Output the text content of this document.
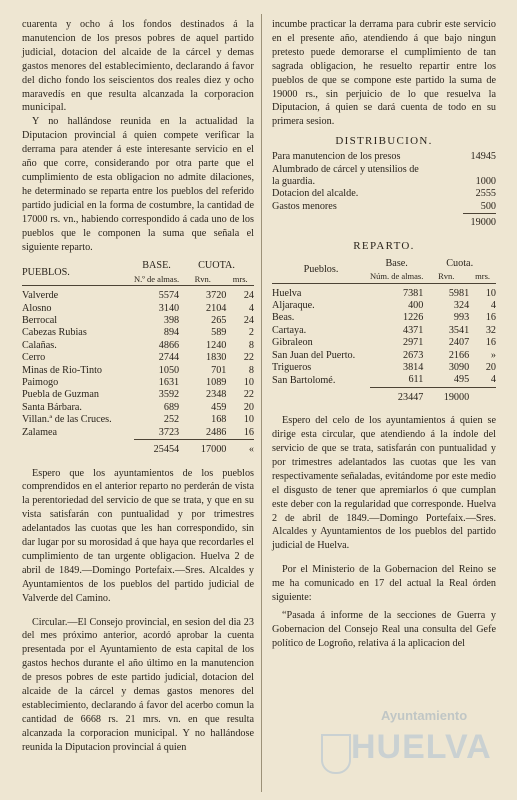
cuarenta y ocho á los fondos destinados á la manutencion de los presos pobres de aquel partido judicial, dotacion del alcaide de la cárcel y demas gastos menores del establecimiento, declarando á favor del dicho fondo los seiscientos dos reales diez y ocho maravedís en que resulta alcanzada la corporacion municipal.

Y no hallándose reunida en la actualidad la Diputacion provincial á quien compete verificar la derrama para atender á este interesante servicio en el año que corre, considerando por otra parte que el cumplimiento de esta obligacion no admite dilaciones, he determinado se reparta entre los pueblos del referido partido judicial en la forma de costumbre, la cantidad de 17000 rs. vn., habiendo correspondido á cada uno de los pueblos que le componen la suma que señala el siguiente reparto.

PUEBLOS.	BASE.	CUOTA.	
	N.º de almas.	Rvn.	mrs.

Valverde	5574	3720	24
Alosno	3140	2104	4
Berrocal	398	265	24
Cabezas Rubias	894	589	2
Calañas.	4866	1240	8
Cerro	2744	1830	22
Minas de Rio-Tinto	1050	701	8
Paimogo	1631	1089	10
Puebla de Guzman	3592	2348	22
Santa Bárbara.	689	459	20
Villan.ª de las Cruces.	252	168	10
Zalamea	3723	2486	16
	25454	17000	«

Espero que los ayuntamientos de los pueblos comprendidos en el anterior reparto no perderán de vista la perentoriedad del servicio de que se trata, y que en su vista satisfarán con puntualidad y por trimestres adelantados las cuotas que les han correspondido, sin dar lugar por su morosidad á que haya que recordarles el cumplimiento de tan urgente obligacion. Huelva 2 de abril de 1849.—Domingo Portefaix.—Sres. Alcaldes y Ayuntamientos de los pueblos del partido judicial de Valverde del Camino.

Circular.—El Consejo provincial, en sesion del dia 23 del mes próximo anterior, acordó aprobar la cuenta presentada por el Ayuntamiento de esta capital de los gastos hechos durante el año último en la manutencion de presos pobres de este partido judicial, dotacion del alcaide de la cárcel y demas gastos menores del establecimiento, declarando á favor del acerbo comun la cantidad de 6668 rs. 21 mrs. vn. en que resulta alcanzada la corporacion municipal. Y no hallándose reunida la Diputacion provincial á quien

incumbe practicar la derrama para cubrir este servicio en el presente año, atendiendo á que bajo ningun pretesto puede demorarse el cumplimiento de tan sagrada obligacion, he resuelto repartir entre los pueblos de que se compone este partido la suma de 19000 rs., sin perjuicio de lo que resuelva la Diputacion, á quien se dará cuenta de todo en su primera sesion.

DISTRIBUCION.
Para manutencion de los presos	14945
Alumbrado de cárcel y utensilios de	
la guardia.	1000
Dotacion del alcalde.	2555
Gastos menores	500
	19000
REPARTO.
Pueblos.	Base.	Cuota.	
	Núm. de almas.	Rvn.	mrs.

Huelva	7381	5981	10
Aljaraque.	400	324	4
Beas.	1226	993	16
Cartaya.	4371	3541	32
Gibraleon	2971	2407	16
San Juan del Puerto.	2673	2166	»
Trigueros	3814	3090	20
San Bartolomé.	611	495	4
	23447	19000	

Espero del celo de los ayuntamientos á quien se dirige esta circular, que atendiendo á la índole del servicio de que se trata, satisfarán con puntualidad y por trimestres adelantados las cuotas que les van respectivamente señaladas, evitándome por este medio el disgusto de tener que apremiarlos ó que cumplan este deber con la regularidad que corresponde. Huelva 2 de abril de 1849.—Domingo Portefaix.—Sres. Alcaldes y Ayuntamientos de los pueblos del partido judicial de Huelva.

Por el Ministerio de la Gobernacion del Reino se me ha comunicado en 17 del actual la Real órden siguiente:

“Pasada á informe de la secciones de Guerra y Gobernacion del Consejo Real una consulta del Gefe político de Logroño, relativa á la aplicacion del

Ayuntamiento
HUELVA
